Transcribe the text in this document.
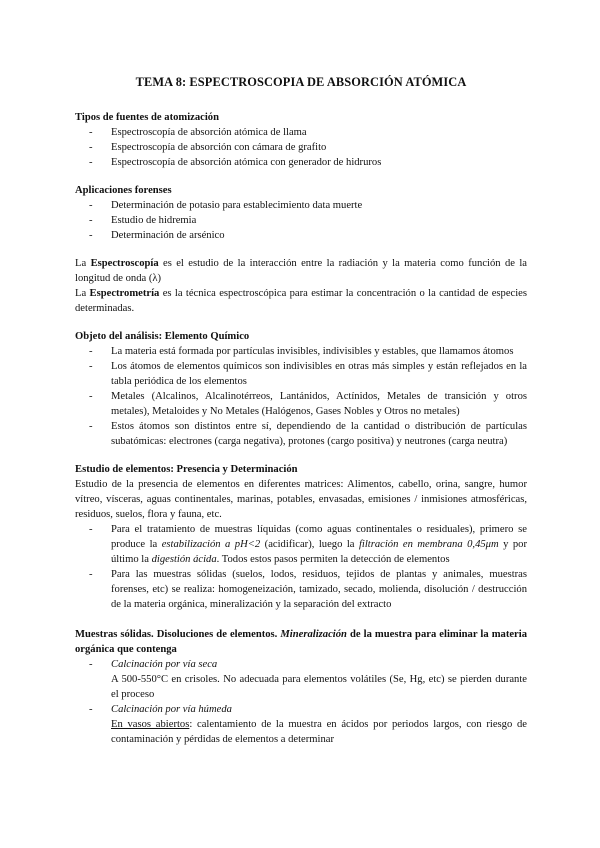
TEMA 8: ESPECTROSCOPIA DE ABSORCIÓN ATÓMICA

Tipos de fuentes de atomización

- Espectroscopía de absorción atómica de llama
- Espectroscopía de absorción con cámara de grafito
- Espectroscopía de absorción atómica con generador de hidruros

Aplicaciones forenses

- Determinación de potasio para establecimiento data muerte
- Estudio de hidremia
- Determinación de arsénico

La Espectroscopía es el estudio de la interacción entre la radiación y la materia como función de la longitud de onda (λ)

La Espectrometría es la técnica espectroscópica para estimar la concentración o la cantidad de especies determinadas.

Objeto del análisis: Elemento Químico

- La materia está formada por partículas invisibles, indivisibles y estables, que llamamos átomos
- Los átomos de elementos químicos son indivisibles en otras más simples y están reflejados en la tabla periódica de los elementos
- Metales (Alcalinos, Alcalinotérreos, Lantánidos, Actínidos, Metales de transición y otros metales), Metaloides y No Metales (Halógenos, Gases Nobles y Otros no metales)
- Estos átomos son distintos entre sí, dependiendo de la cantidad o distribución de partículas subatómicas: electrones (carga negativa), protones (cargo positiva) y neutrones (carga neutra)

Estudio de elementos: Presencia y Determinación

Estudio de la presencia de elementos en diferentes matrices: Alimentos, cabello, orina, sangre, humor vítreo, vísceras, aguas continentales, marinas, potables, envasadas, emisiones / inmisiones atmosféricas, residuos, suelos, flora y fauna, etc.

- Para el tratamiento de muestras líquidas (como aguas continentales o residuales), primero se produce la estabilización a pH<2 (acidificar), luego la filtración en membrana 0,45μm y por último la digestión ácida. Todos estos pasos permiten la detección de elementos
- Para las muestras sólidas (suelos, lodos, residuos, tejidos de plantas y animales, muestras forenses, etc) se realiza: homogeneización, tamizado, secado, molienda, disolución / destrucción de la materia orgánica, mineralización y la separación del extracto

Muestras sólidas. Disoluciones de elementos. Mineralización de la muestra para eliminar la materia orgánica que contenga

- Calcinación por vía seca

A 500-550°C en crisoles. No adecuada para elementos volátiles (Se, Hg, etc) se pierden durante el proceso

- Calcinación por vía húmeda

En vasos abiertos: calentamiento de la muestra en ácidos por periodos largos, con riesgo de contaminación y pérdidas de elementos a determinar
